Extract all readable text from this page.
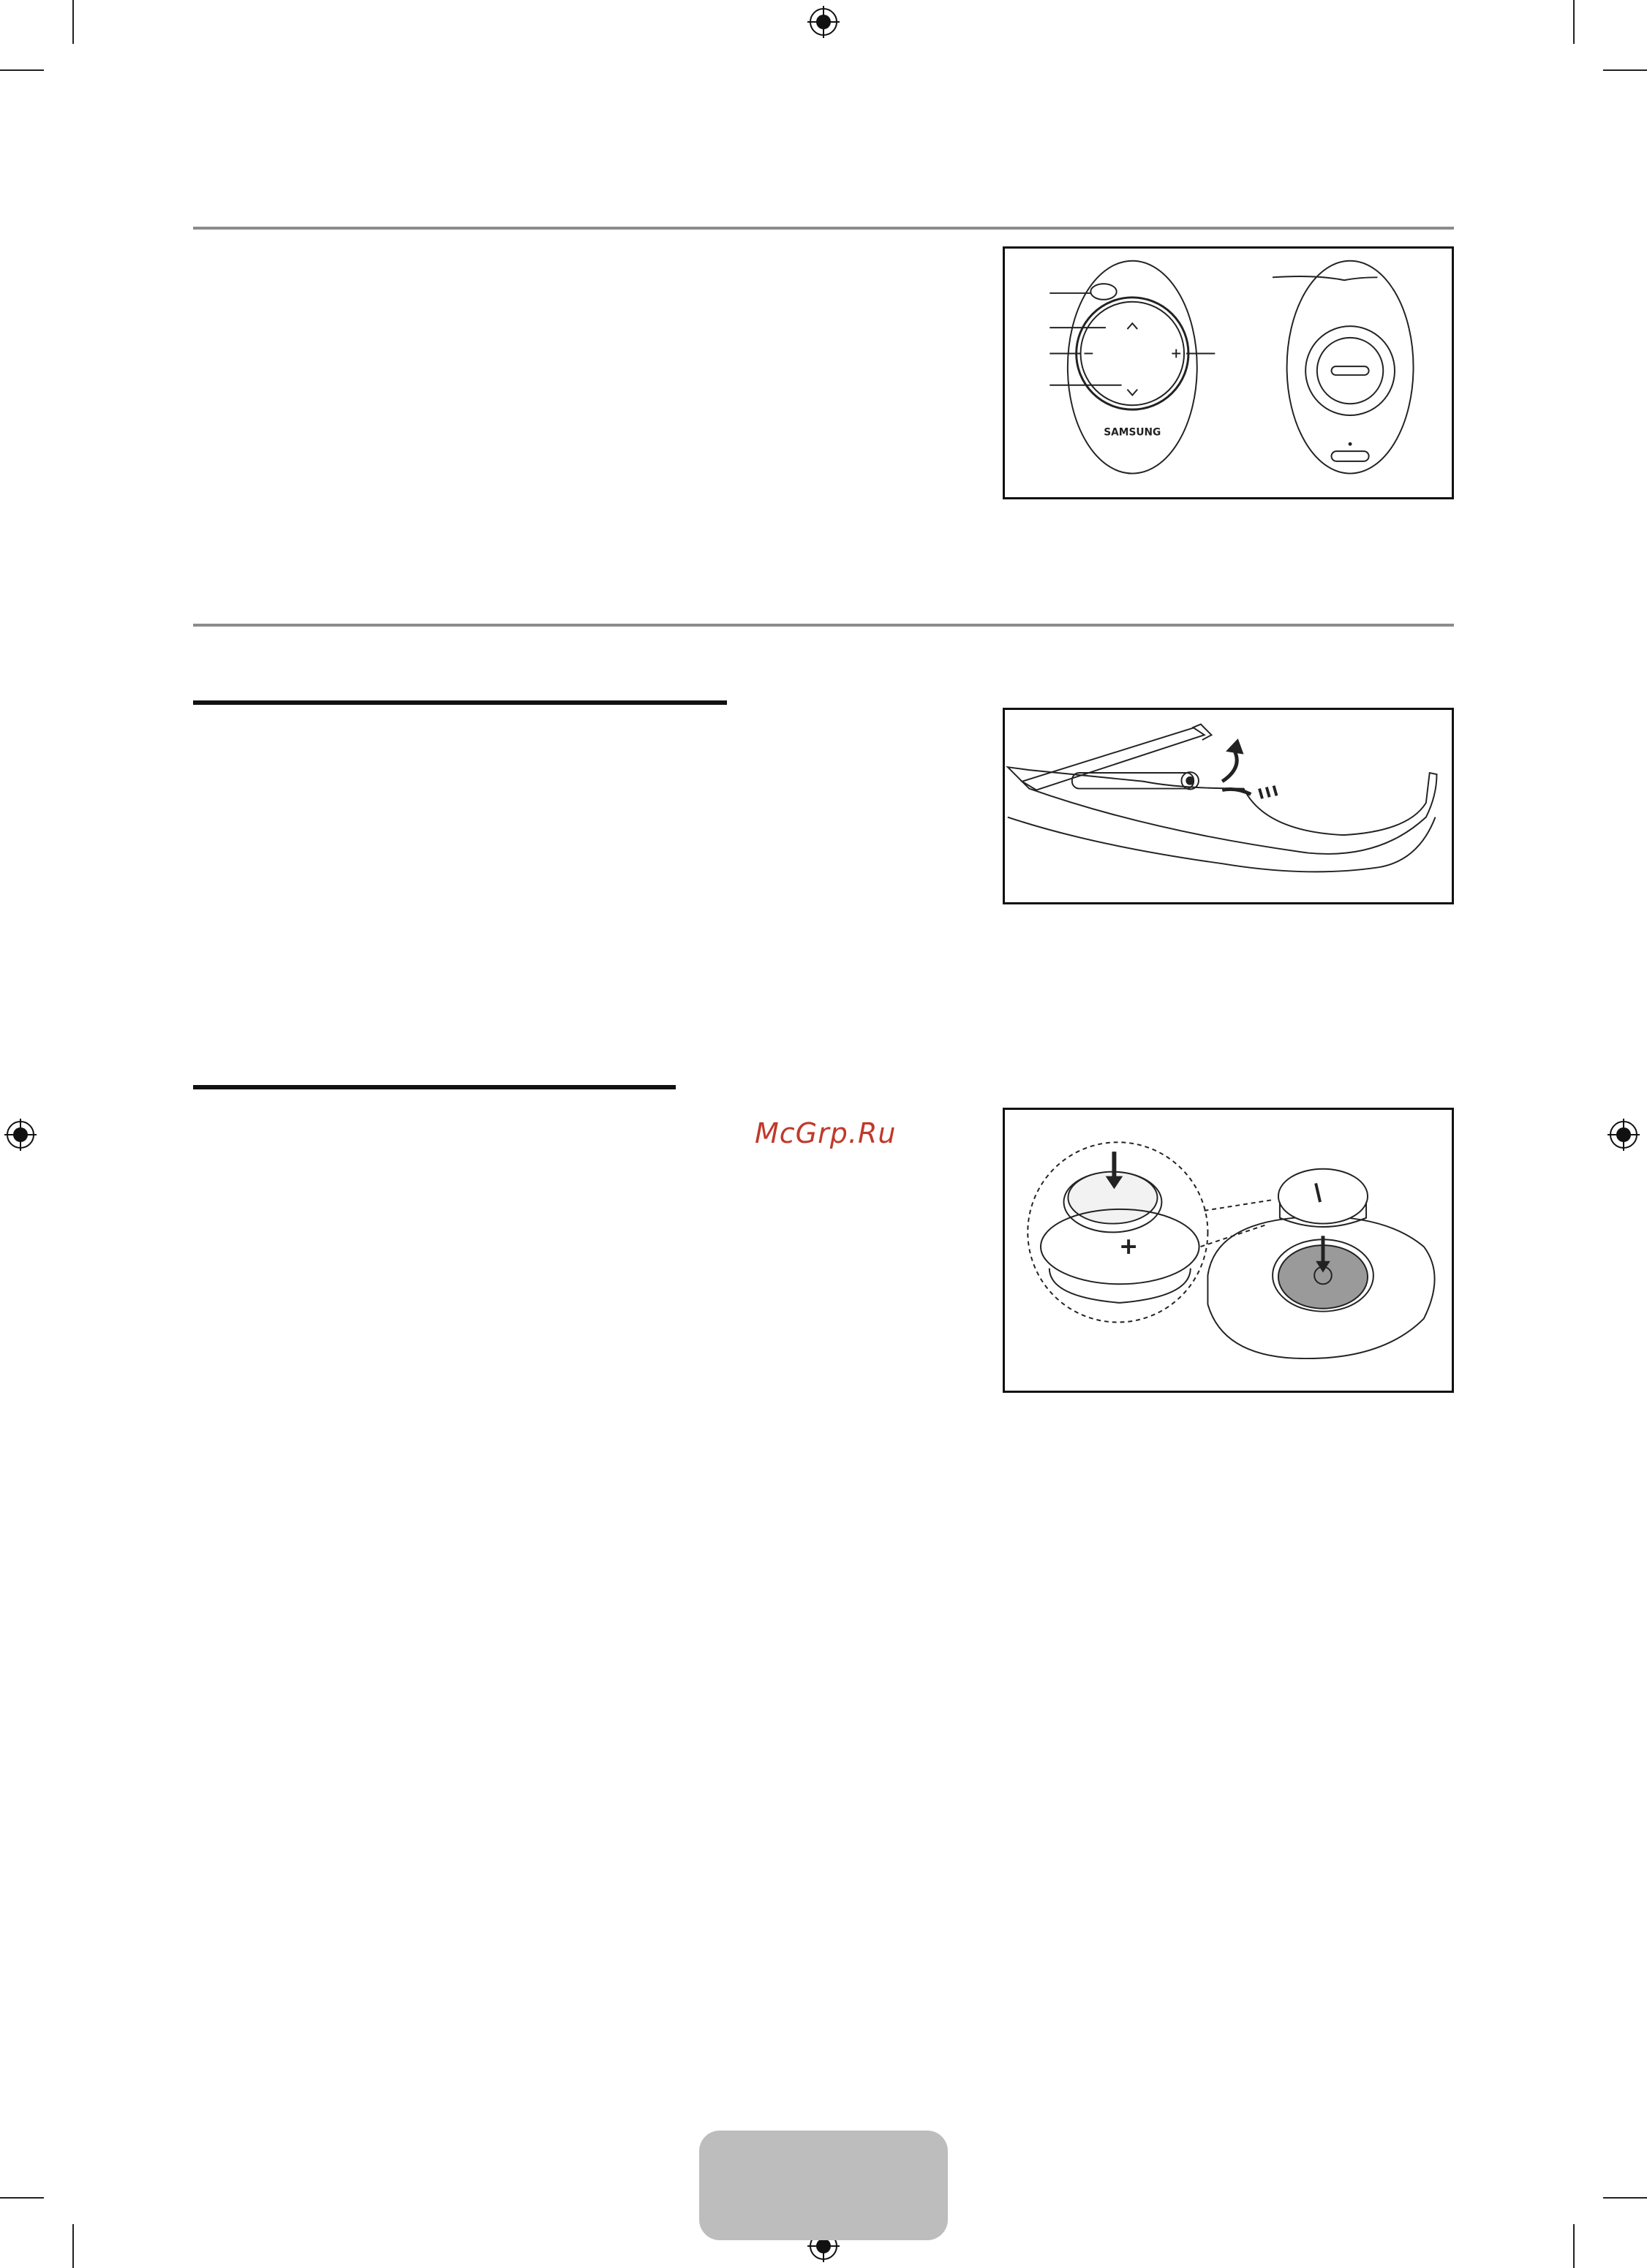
SAMSUNG
McGrp.Ru
